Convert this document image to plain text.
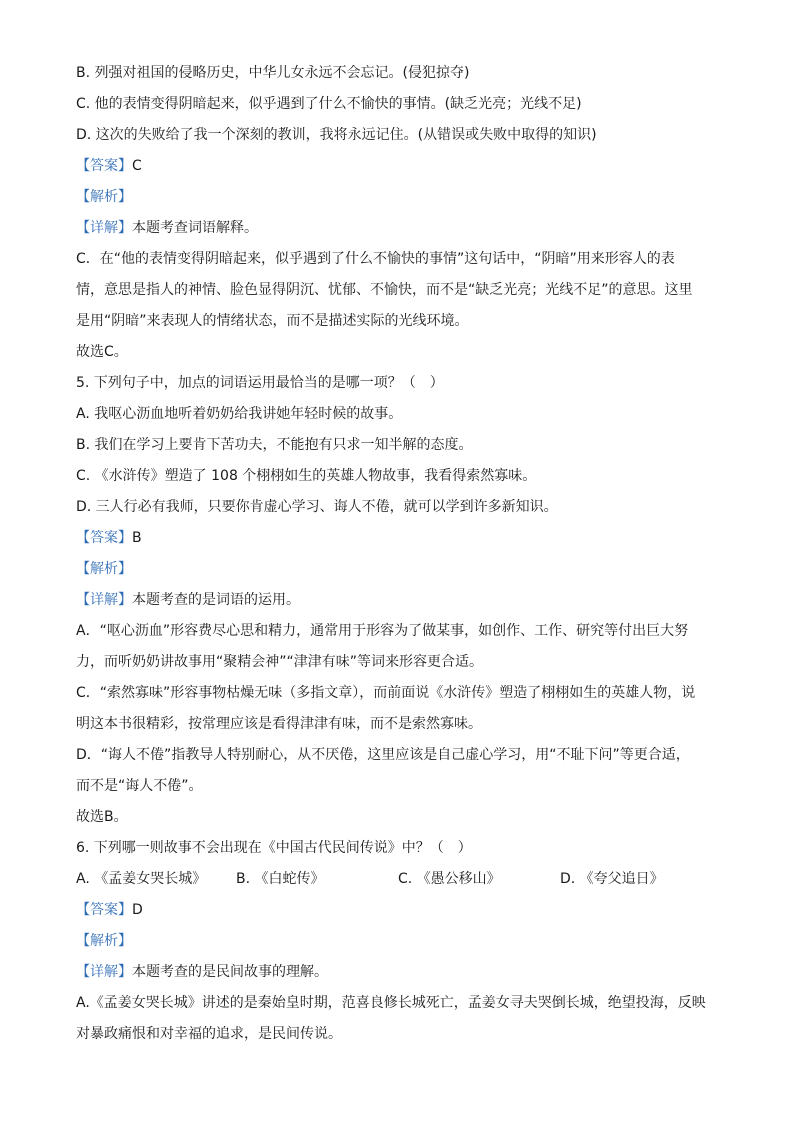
B. 列强对祖国的侵略历史，中华儿女永远不会忘记。(侵犯掠夺)
C. 他的表情变得阴暗起来，似乎遇到了什么不愉快的事情。(缺乏光亮；光线不足)
D. 这次的失败给了我一个深刻的教训，我将永远记住。(从错误或失败中取得的知识)
【答案】C
【解析】
【详解】本题考查词语解释。
C．在“他的表情变得阴暗起来，似乎遇到了什么不愉快的事情”这句话中，“阴暗”用来形容人的表
情，意思是指人的神情、脸色显得阴沉、忧郁、不愉快，而不是“缺乏光亮；光线不足”的意思。这里
是用“阴暗”来表现人的情绪状态，而不是描述实际的光线环境。
故选C。
5. 下列句子中，加点的词语运用最恰当的是哪一项？（　）
A. 我呕心沥血地听着奶奶给我讲她年轻时候的故事。
B. 我们在学习上要肯下苦功夫，不能抱有只求一知半解的态度。
C. 《水浒传》塑造了 108 个栩栩如生的英雄人物故事，我看得索然寡味。
D. 三人行必有我师，只要你肯虚心学习、诲人不倦，就可以学到许多新知识。
【答案】B
【解析】
【详解】本题考查的是词语的运用。
A．“呕心沥血”形容费尽心思和精力，通常用于形容为了做某事，如创作、工作、研究等付出巨大努
力，而听奶奶讲故事用“聚精会神”“津津有味”等词来形容更合适。
C．“索然寡味”形容事物枯燥无味（多指文章），而前面说《水浒传》塑造了栩栩如生的英雄人物，说
明这本书很精彩，按常理应该是看得津津有味，而不是索然寡味。
D．“诲人不倦”指教导人特别耐心，从不厌倦，这里应该是自己虚心学习，用“不耻下问”等更合适，
而不是“诲人不倦”。
故选B。
6. 下列哪一则故事不会出现在《中国古代民间传说》中？（　）
A. 《孟姜女哭长城》	B. 《白蛇传》	C. 《愚公移山》	D. 《夸父追日》
【答案】D
【解析】
【详解】本题考查的是民间故事的理解。
A.《孟姜女哭长城》讲述的是秦始皇时期，范喜良修长城死亡，孟姜女寻夫哭倒长城，绝望投海，反映
对暴政痛恨和对幸福的追求，是民间传说。
